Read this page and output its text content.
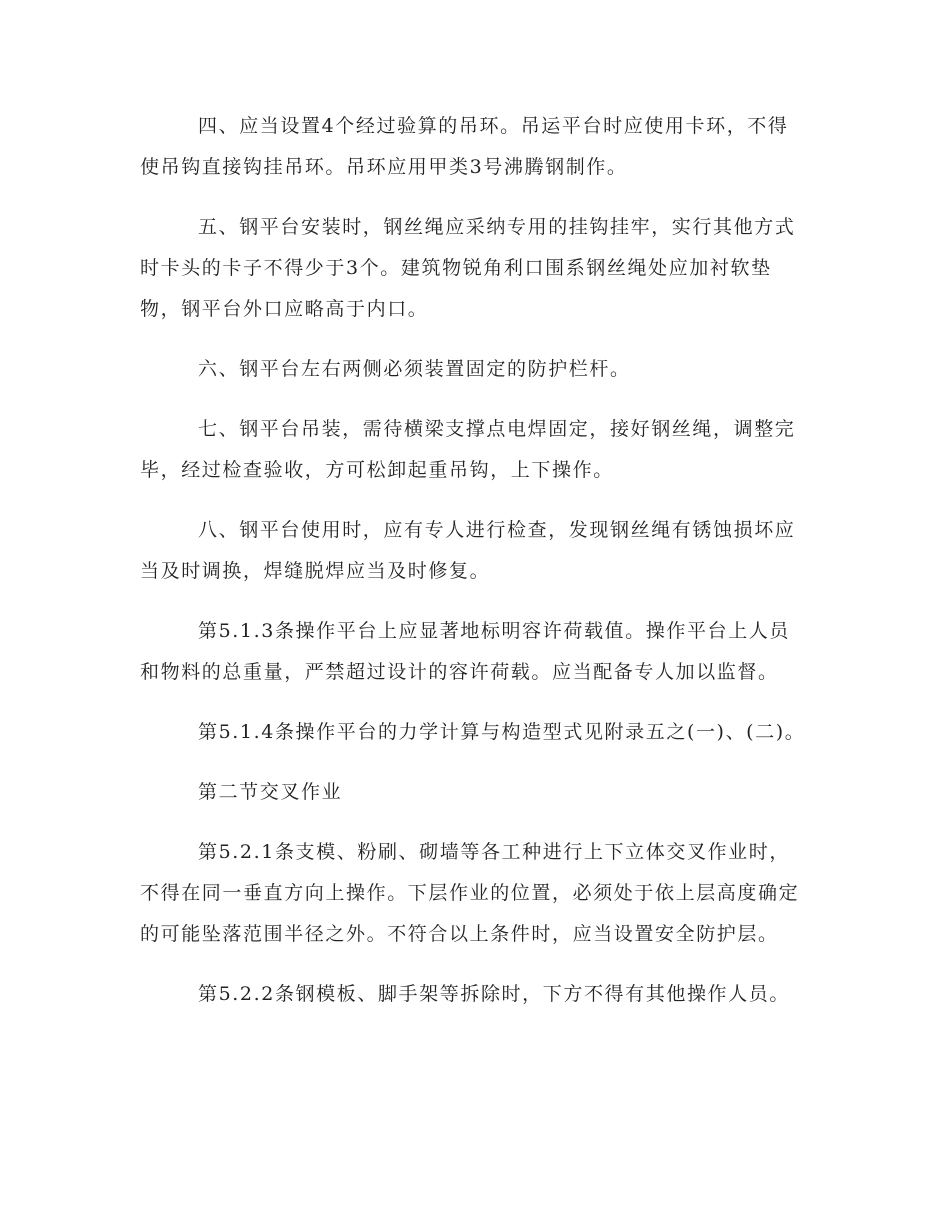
四、应当设置4个经过验算的吊环。吊运平台时应使用卡环，不得使吊钩直接钩挂吊环。吊环应用甲类3号沸腾钢制作。

五、钢平台安装时，钢丝绳应采纳专用的挂钩挂牢，实行其他方式时卡头的卡子不得少于3个。建筑物锐角利口围系钢丝绳处应加衬软垫物，钢平台外口应略高于内口。

六、钢平台左右两侧必须装置固定的防护栏杆。

七、钢平台吊装，需待横梁支撑点电焊固定，接好钢丝绳，调整完毕，经过检查验收，方可松卸起重吊钩，上下操作。

八、钢平台使用时，应有专人进行检查，发现钢丝绳有锈蚀损坏应当及时调换，焊缝脱焊应当及时修复。

第5.1.3条操作平台上应显著地标明容许荷载值。操作平台上人员和物料的总重量，严禁超过设计的容许荷载。应当配备专人加以监督。

第5.1.4条操作平台的力学计算与构造型式见附录五之(一)、(二)。

第二节交叉作业

第5.2.1条支模、粉刷、砌墙等各工种进行上下立体交叉作业时，不得在同一垂直方向上操作。下层作业的位置，必须处于依上层高度确定的可能坠落范围半径之外。不符合以上条件时，应当设置安全防护层。

第5.2.2条钢模板、脚手架等拆除时，下方不得有其他操作人员。
